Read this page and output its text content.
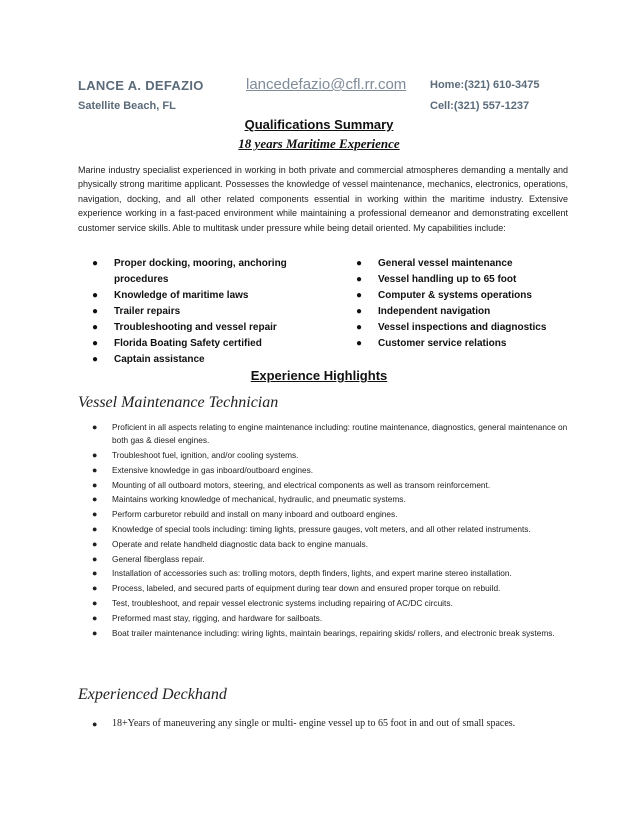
LANCE A. DEFAZIO	lancedefazio@cfl.rr.com Home:(321) 610-3475
Satellite Beach, FL	Cell:(321) 557-1237
Qualifications Summary
18 years Maritime Experience

Marine industry specialist experienced in working in both private and commercial atmospheres demanding a mentally and physically strong maritime applicant. Possesses the knowledge of vessel maintenance, mechanics, electronics, operations, navigation, docking, and all other related components essential in working within the maritime industry. Extensive experience working in a fast-paced environment while maintaining a professional demeanor and demonstrating excellent customer service skills. Able to multitask under pressure while being detail oriented. My capabilities include:

● Proper docking, mooring, anchoring procedures
● Knowledge of maritime laws
● Trailer repairs
● Troubleshooting and vessel repair
● Florida Boating Safety certified
● Captain assistance
● General vessel maintenance
● Vessel handling up to 65 foot
● Computer & systems operations
● Independent navigation
● Vessel inspections and diagnostics
● Customer service relations
Experience Highlights
Vessel Maintenance Technician
● Proficient in all aspects relating to engine maintenance including: routine maintenance, diagnostics, general maintenance on both gas & diesel engines.
● Troubleshoot fuel, ignition, and/or cooling systems.
● Extensive knowledge in gas inboard/outboard engines.
● Mounting of all outboard motors, steering, and electrical components as well as transom reinforcement.
● Maintains working knowledge of mechanical, hydraulic, and pneumatic systems.
● Perform carburetor rebuild and install on many inboard and outboard engines.
● Knowledge of special tools including: timing lights, pressure gauges, volt meters, and all other related instruments.
● Operate and relate handheld diagnostic data back to engine manuals.
● General fiberglass repair.
● Installation of accessories such as: trolling motors, depth finders, lights, and expert marine stereo installation.
● Process, labeled, and secured parts of equipment during tear down and ensured proper torque on rebuild.
● Test, troubleshoot, and repair vessel electronic systems including repairing of AC/DC circuits.
● Preformed mast stay, rigging, and hardware for sailboats.
● Boat trailer maintenance including: wiring lights, maintain bearings, repairing skids/ rollers, and electronic break systems.
Experienced Deckhand
● 18+Years of maneuvering any single or multi- engine vessel up to 65 foot in and out of small spaces.
